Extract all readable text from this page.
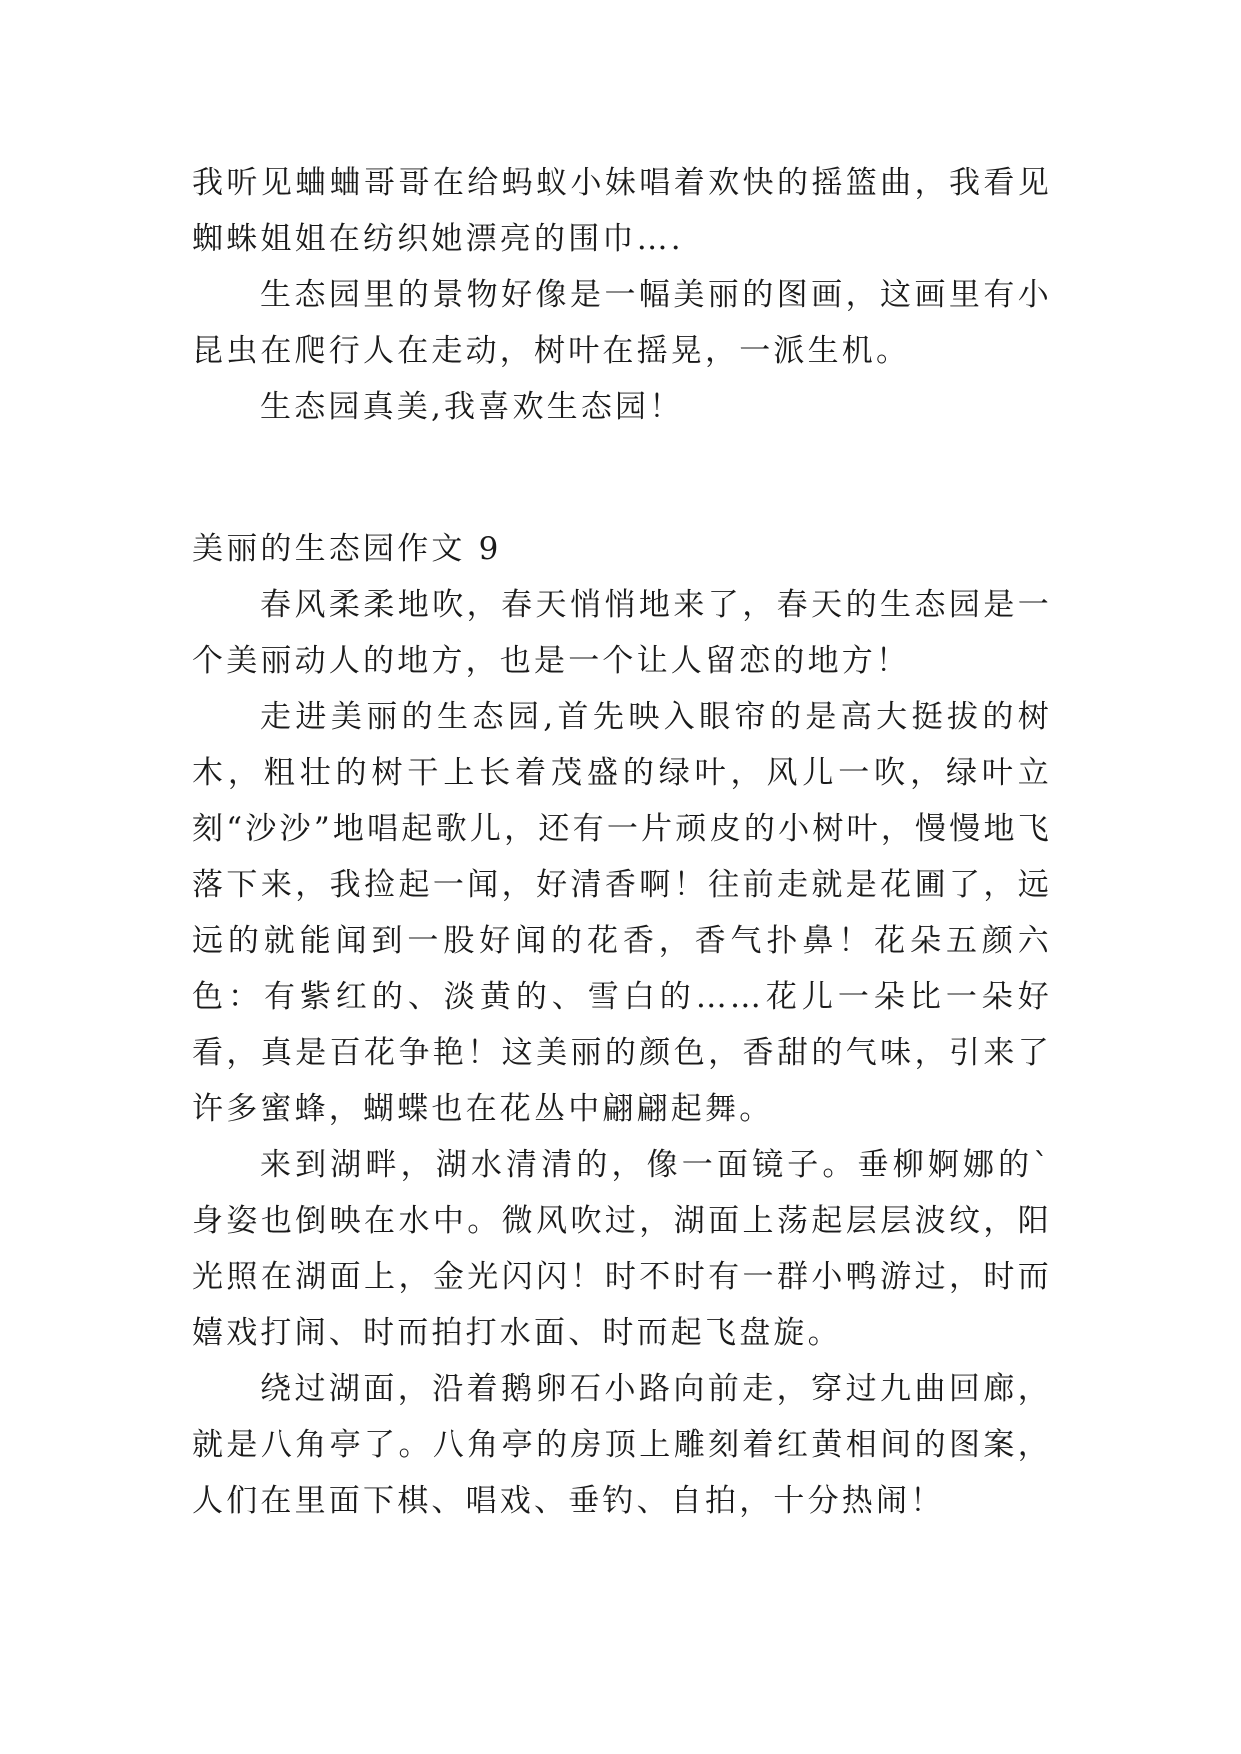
我听见蛐蛐哥哥在给蚂蚁小妹唱着欢快的摇篮曲，我看见蜘蛛姐姐在纺织她漂亮的围巾….

生态园里的景物好像是一幅美丽的图画，这画里有小昆虫在爬行人在走动，树叶在摇晃，一派生机。

生态园真美,我喜欢生态园！

美丽的生态园作文 9

春风柔柔地吹，春天悄悄地来了，春天的生态园是一个美丽动人的地方，也是一个让人留恋的地方！

走进美丽的生态园,首先映入眼帘的是高大挺拔的树木，粗壮的树干上长着茂盛的绿叶，风儿一吹，绿叶立刻“沙沙”地唱起歌儿，还有一片顽皮的小树叶，慢慢地飞落下来，我捡起一闻，好清香啊！往前走就是花圃了，远远的就能闻到一股好闻的花香，香气扑鼻！花朵五颜六色：有紫红的、淡黄的、雪白的……花儿一朵比一朵好看，真是百花争艳！这美丽的颜色，香甜的气味，引来了许多蜜蜂，蝴蝶也在花丛中翩翩起舞。

来到湖畔，湖水清清的，像一面镜子。垂柳婀娜的`身姿也倒映在水中。微风吹过，湖面上荡起层层波纹，阳光照在湖面上，金光闪闪！时不时有一群小鸭游过，时而嬉戏打闹、时而拍打水面、时而起飞盘旋。

绕过湖面，沿着鹅卵石小路向前走，穿过九曲回廊，就是八角亭了。八角亭的房顶上雕刻着红黄相间的图案，人们在里面下棋、唱戏、垂钓、自拍，十分热闹！
